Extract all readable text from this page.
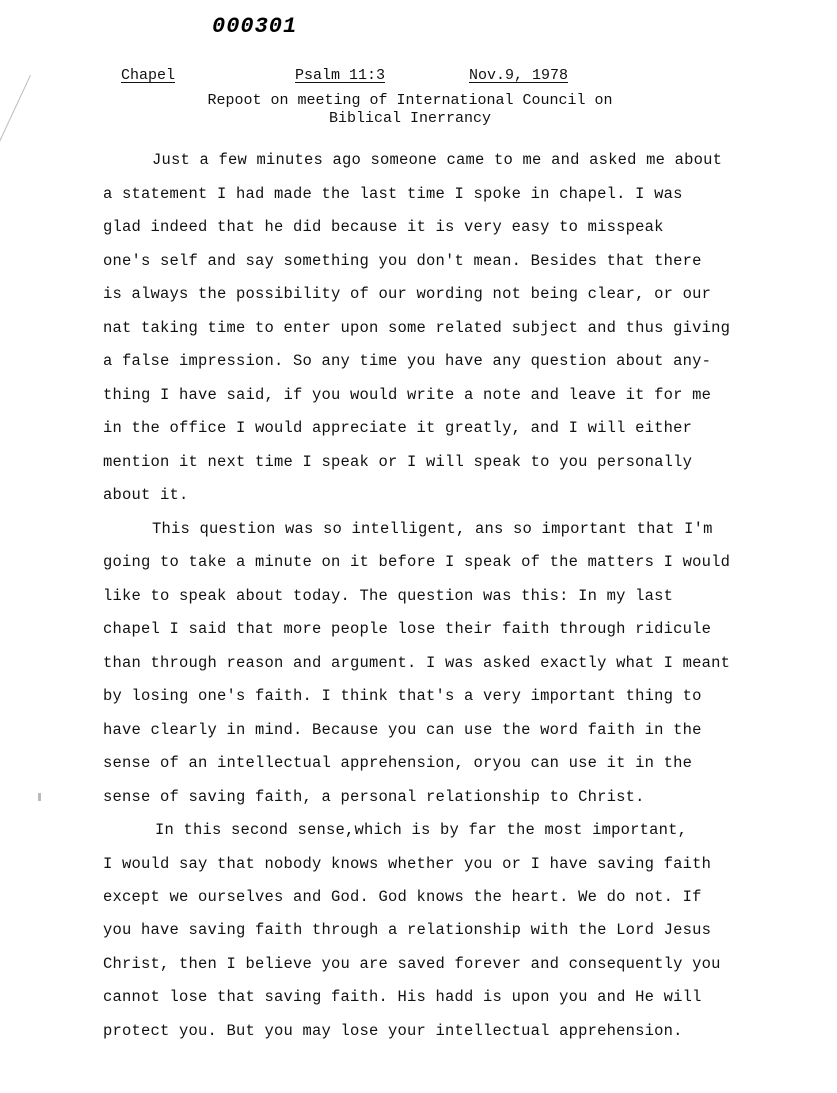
000301
Chapel	Psalm 11:3	Nov.9, 1978
Repoot on meeting of International Council on
Biblical Inerrancy
Just a few minutes ago someone came to me and asked me about
a statement I had made the last time I spoke in chapel. I was
glad indeed that he did because it is very easy to misspeak
one's self and say something you don't mean. Besides that there
is always the possibility of our wording not being clear, or our
nat taking time to enter upon some related subject and thus giving
a false impression. So any time you have any question about any-
thing I have said, if you would write a note and leave it for me
in the office I would appreciate it greatly, and I will either
mention it next time I speak or I will speak to you personally
about it.
This question was so intelligent, ans so important that I'm
going to take a minute on it before I speak of the matters I would
like to speak about today. The question was this: In my last
chapel I said that more people lose their faith through ridicule
than through reason and argument. I was asked exactly what I meant
by losing one's faith. I think that's a very important thing to
have clearly in mind. Because you can use the word faith in the
sense of an intellectual apprehension, oryou can use it in the
sense of saving faith, a personal relationship to Christ.
In this second sense,which is by far the most important,
I would say that nobody knows whether you or I have saving faith
except we ourselves and God. God knows the heart. We do not. If
you have saving faith through a relationship with the Lord Jesus
Christ, then I believe you are saved forever and consequently you
cannot lose that saving faith. His hadd is upon you and He will
protect you. But you may lose your intellectual apprehension.
